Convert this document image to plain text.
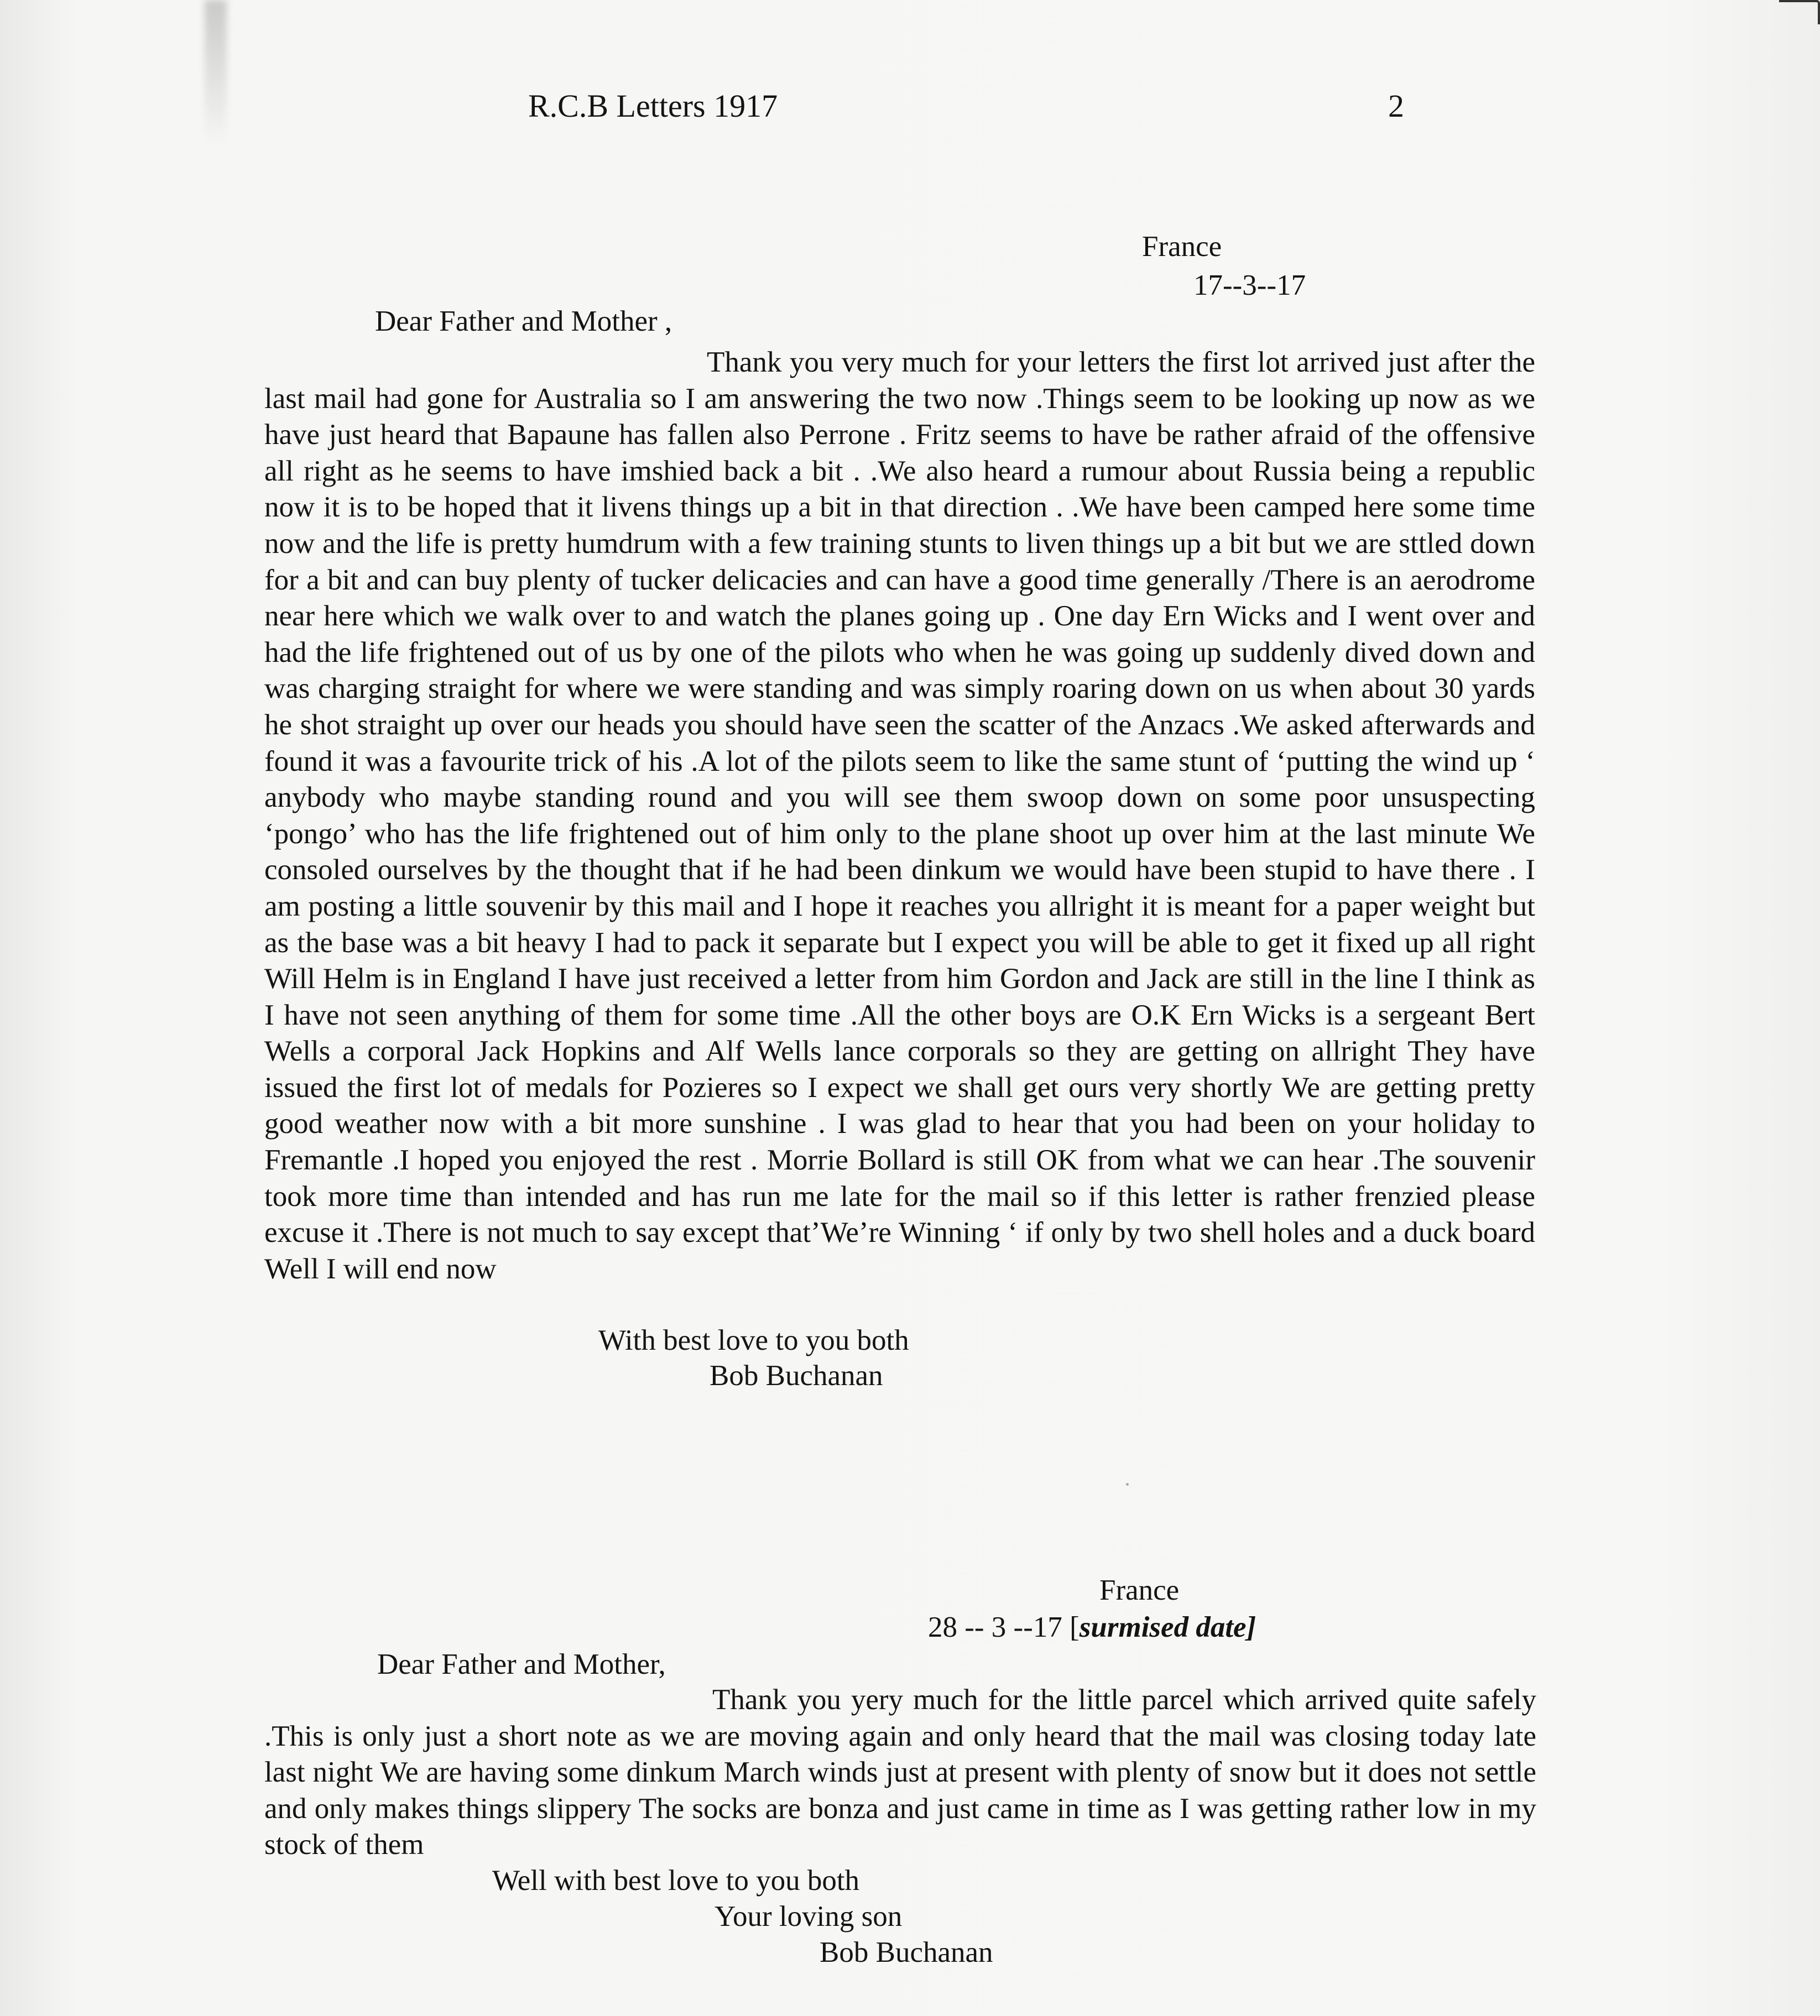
R.C.B Letters 1917	2
France
17--3--17
Dear Father and Mother ,

Thank you very much for your letters the first lot arrived just after the last mail had gone for Australia so I am answering the two now .Things seem to be looking up now as we have just heard that Bapaune has fallen also Perrone . Fritz seems to have be rather afraid of the offensive all right as he seems to have imshied back a bit . .We also heard a rumour about Russia being a republic now it is to be hoped that it livens things up a bit in that direction . .We have been camped here some time now and the life is pretty humdrum with a few training stunts to liven things up a bit but we are sttled down for a bit and can buy plenty of tucker delicacies and can have a good time generally /There is an aerodrome near here which we walk over to and watch the planes going up . One day Ern Wicks and I went over and had the life frightened out of us by one of the pilots who when he was going up suddenly dived down and was charging straight for where we were standing and was simply roaring down on us when about 30 yards he shot straight up over our heads you should have seen the scatter of the Anzacs .We asked afterwards and found it was a favourite trick of his .A lot of the pilots seem to like the same stunt of ‘putting the wind up ‘ anybody who maybe standing round and you will see them swoop down on some poor unsuspecting ‘pongo’ who has the life frightened out of him only to the plane shoot up over him at the last minute We consoled ourselves by the thought that if he had been dinkum we would have been stupid to have there . I am posting a little souvenir by this mail and I hope it reaches you allright it is meant for a paper weight but as the base was a bit heavy I had to pack it separate but I expect you will be able to get it fixed up all right Will Helm is in England I have just received a letter from him Gordon and Jack are still in the line I think as I have not seen anything of them for some time .All the other boys are O.K Ern Wicks is a sergeant Bert Wells a corporal Jack Hopkins and Alf Wells lance corporals so they are getting on allright They have issued the first lot of medals for Pozieres so I expect we shall get ours very shortly We are getting pretty good weather now with a bit more sunshine . I was glad to hear that you had been on your holiday to Fremantle .I hoped you enjoyed the rest . Morrie Bollard is still OK from what we can hear .The souvenir took more time than intended and has run me late for the mail so if this letter is rather frenzied please excuse it .There is not much to say except that’We’re Winning ‘ if only by two shell holes and a duck board Well I will end now

With best love to you both
Bob Buchanan
France
28 -- 3 --17 [surmised date]
Dear Father and Mother,

Thank you yery much for the little parcel which arrived quite safely .This is only just a short note as we are moving again and only heard that the mail was closing today late last night We are having some dinkum March winds just at present with plenty of snow but it does not settle and only makes things slippery The socks are bonza and just came in time as I was getting rather low in my stock of them

Well with best love to you both
Your loving son
Bob Buchanan
